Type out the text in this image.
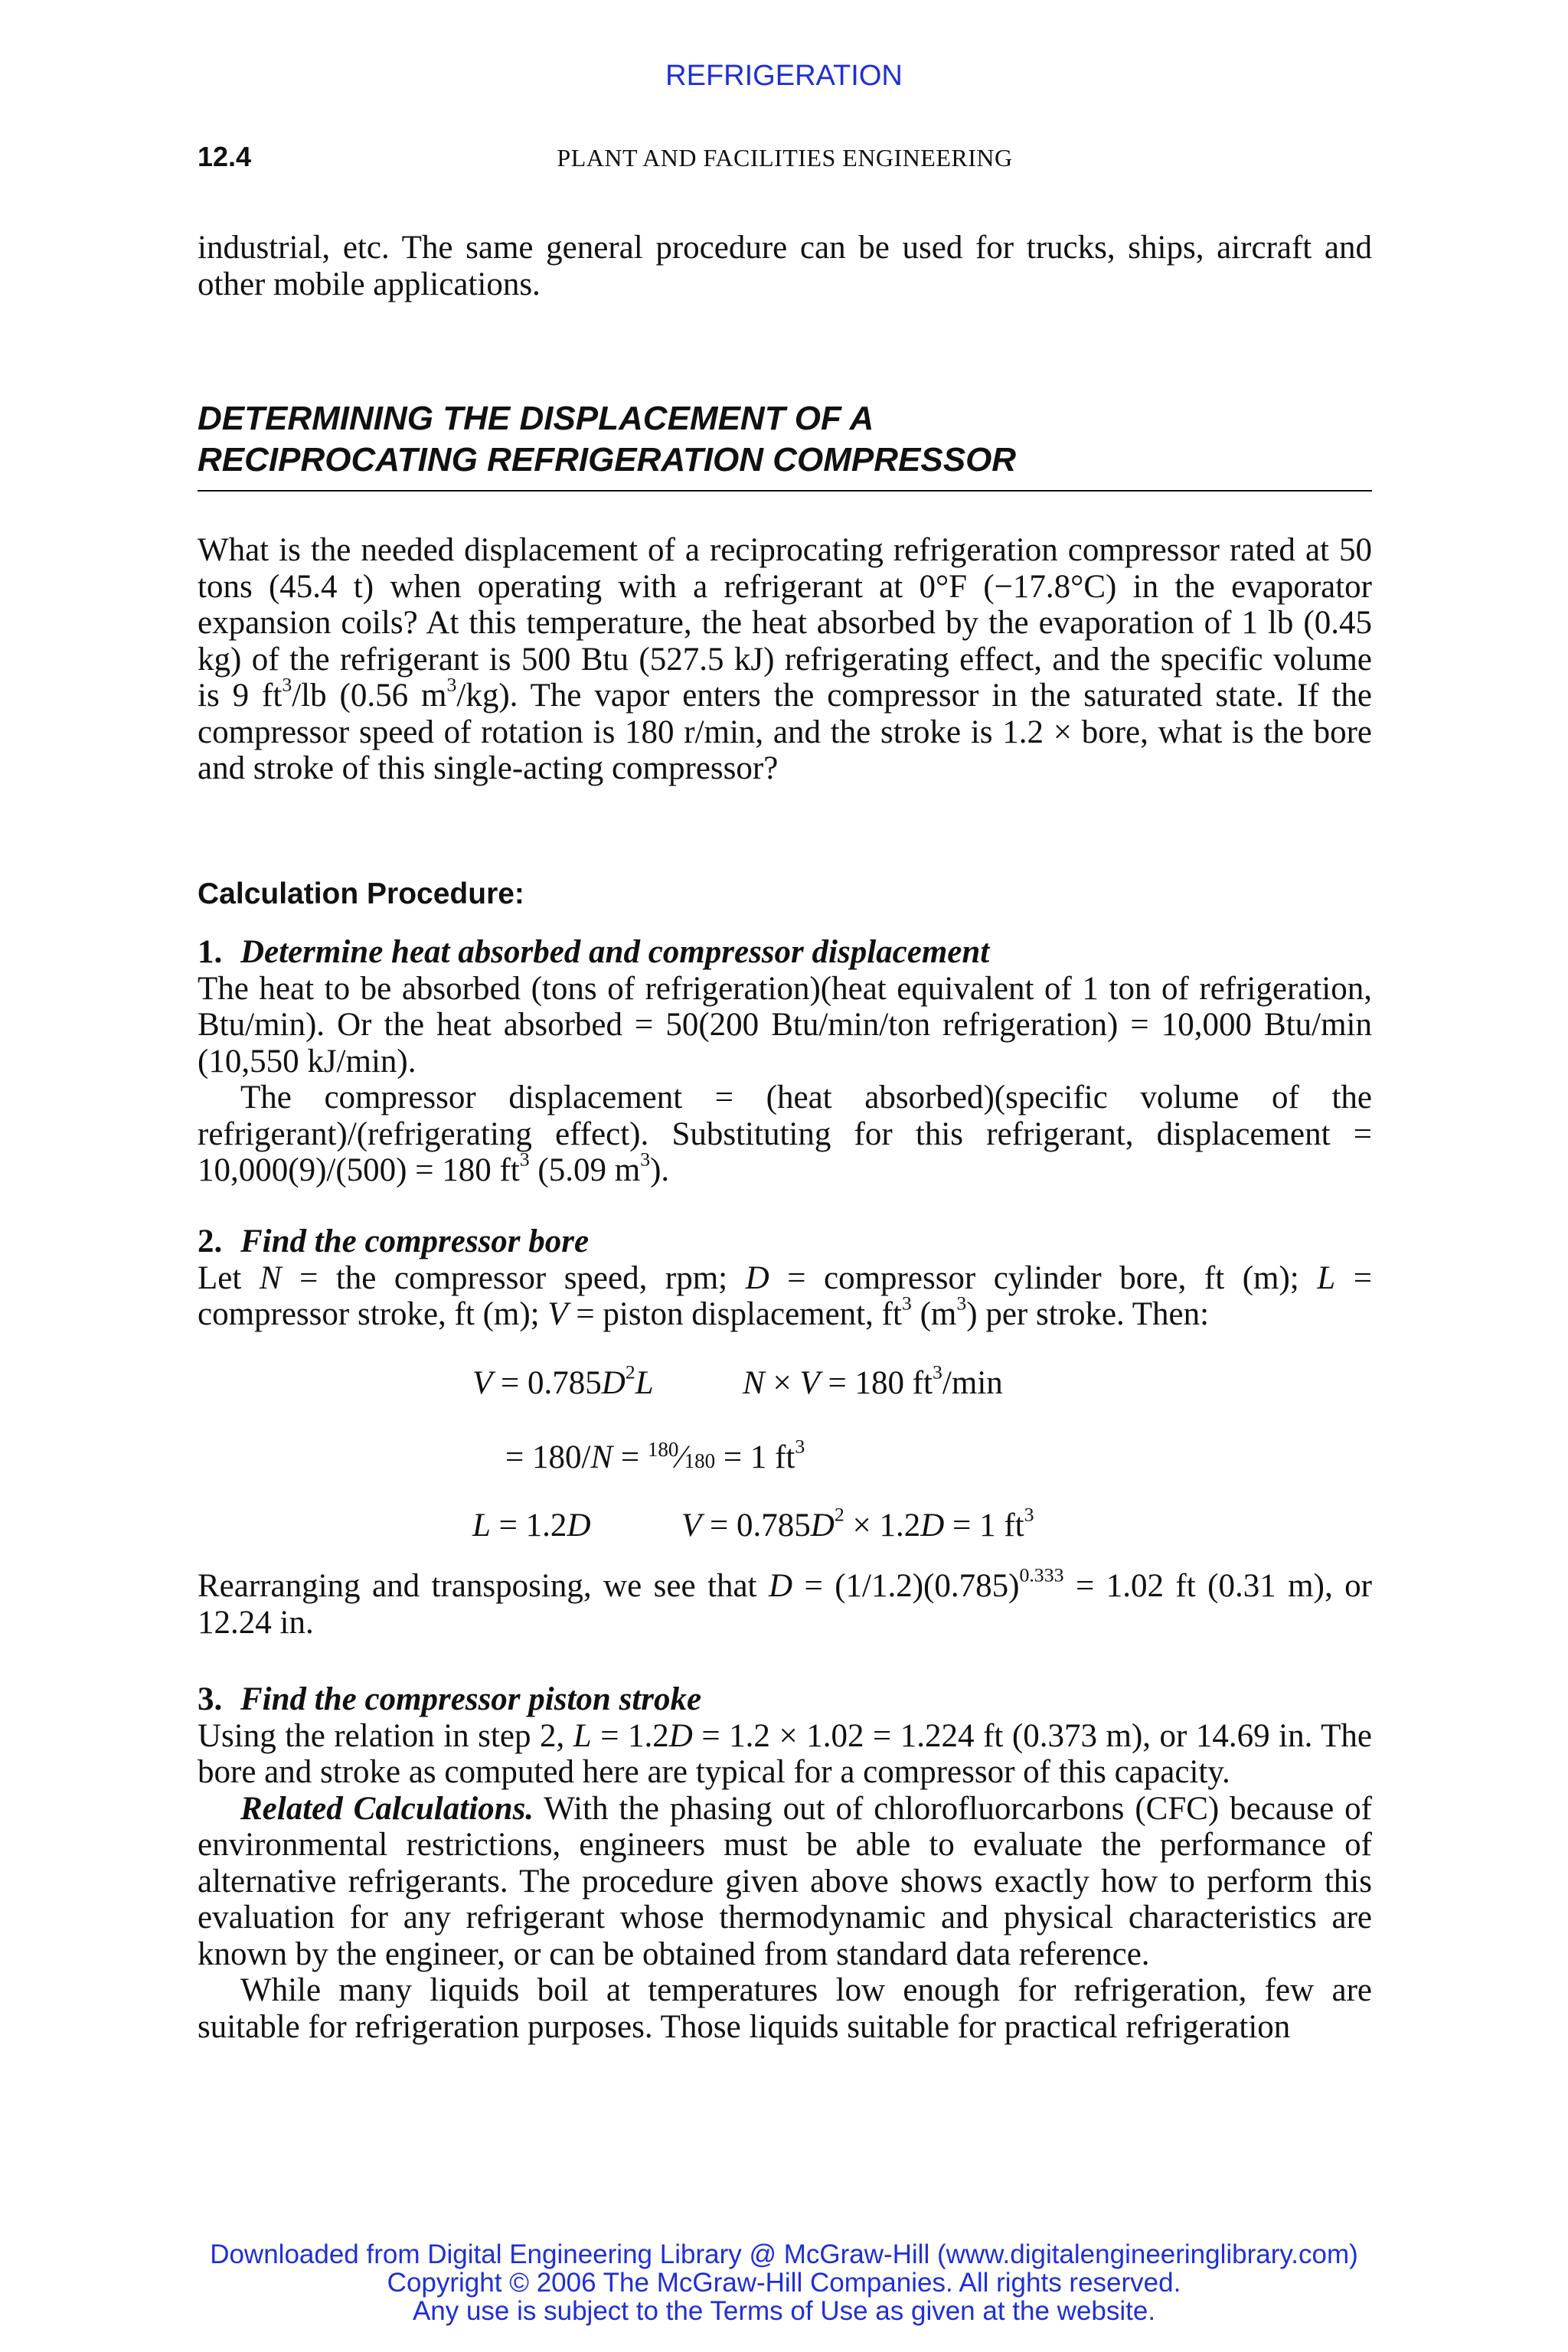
REFRIGERATION
12.4	PLANT AND FACILITIES ENGINEERING

industrial, etc. The same general procedure can be used for trucks, ships, aircraft and other mobile applications.

DETERMINING THE DISPLACEMENT OF A
RECIPROCATING REFRIGERATION COMPRESSOR

What is the needed displacement of a reciprocating refrigeration compressor rated at 50 tons (45.4 t) when operating with a refrigerant at 0°F (−17.8°C) in the evaporator expansion coils? At this temperature, the heat absorbed by the evaporation of 1 lb (0.45 kg) of the refrigerant is 500 Btu (527.5 kJ) refrigerating effect, and the specific volume is 9 $ft^3/lb$ (0.56 $m^3/kg$). The vapor enters the compressor in the saturated state. If the compressor speed of rotation is 180 r/min, and the stroke is 1.2 × bore, what is the bore and stroke of this single-acting compressor?

Calculation Procedure:

1. Determine heat absorbed and compressor displacement

The heat to be absorbed (tons of refrigeration)(heat equivalent of 1 ton of refrigeration, Btu/min). Or the heat absorbed = 50(200 Btu/min/ton refrigeration) = 10,000 Btu/min (10,550 kJ/min).

The compressor displacement = (heat absorbed)(specific volume of the refrigerant)/(refrigerating effect). Substituting for this refrigerant, displacement = 10,000(9)/(500) = 180 $ft^3$ (5.09 $m^3$).

2. Find the compressor bore

Let N = the compressor speed, rpm; D = compressor cylinder bore, ft (m); L = compressor stroke, ft (m); V = piston displacement, $ft^3$ $(m^3)$ per stroke. Then:

$V = 0.785D^2L$	N × V = 180 $ft^3/\min$
= 180/N = $^{180}$⁄180 = 1 $ft^3$
L = 1.2D	$V = 0.785D^2 \times 1.2D = 1$ $ft^3$

Rearranging and transposing, we see that $D = (1/1.2)(0.785)^{0.333} = 1.02$ ft (0.31 m), or 12.24 in.

3. Find the compressor piston stroke

Using the relation in step 2, L = 1.2D = 1.2 × 1.02 = 1.224 ft (0.373 m), or 14.69 in. The bore and stroke as computed here are typical for a compressor of this capacity.

Related Calculations. With the phasing out of chlorofluorcarbons (CFC) because of environmental restrictions, engineers must be able to evaluate the performance of alternative refrigerants. The procedure given above shows exactly how to perform this evaluation for any refrigerant whose thermodynamic and physical characteristics are known by the engineer, or can be obtained from standard data reference.

While many liquids boil at temperatures low enough for refrigeration, few are suitable for refrigeration purposes. Those liquids suitable for practical refrigeration

Downloaded from Digital Engineering Library @ McGraw-Hill (www.digitalengineeringlibrary.com)
Copyright © 2006 The McGraw-Hill Companies. All rights reserved.
Any use is subject to the Terms of Use as given at the website.
